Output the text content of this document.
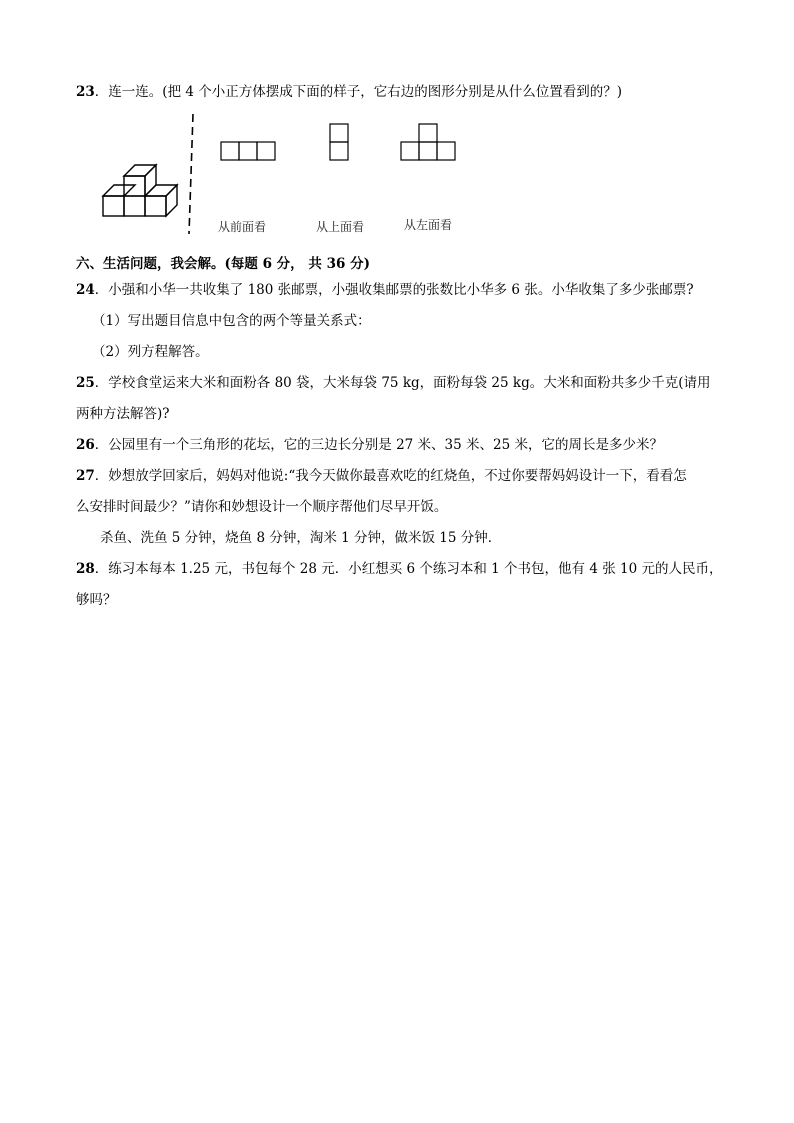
23．连一连。(把 4 个小正方体摆成下面的样子，它右边的图形分别是从什么位置看到的？)
从前面看	从上面看	从左面看
六、生活问题，我会解。(每题 6 分， 共 36 分)
24．小强和小华一共收集了 180 张邮票，小强收集邮票的张数比小华多 6 张。小华收集了多少张邮票?
（1）写出题目信息中包含的两个等量关系式：
（2）列方程解答。
25．学校食堂运来大米和面粉各 80 袋，大米每袋 75 kg，面粉每袋 25 kg。大米和面粉共多少千克(请用
两种方法解答)?
26．公园里有一个三角形的花坛，它的三边长分别是 27 米、35 米、25 米，它的周长是多少米？
27．妙想放学回家后，妈妈对他说:“我今天做你最喜欢吃的红烧鱼，不过你要帮妈妈设计一下，看看怎
么安排时间最少？”请你和妙想设计一个顺序帮他们尽早开饭。
杀鱼、洗鱼 5 分钟，烧鱼 8 分钟，淘米 1 分钟，做米饭 15 分钟．
28．练习本每本 1.25 元，书包每个 28 元．小红想买 6 个练习本和 1 个书包，他有 4 张 10 元的人民币，
够吗？
